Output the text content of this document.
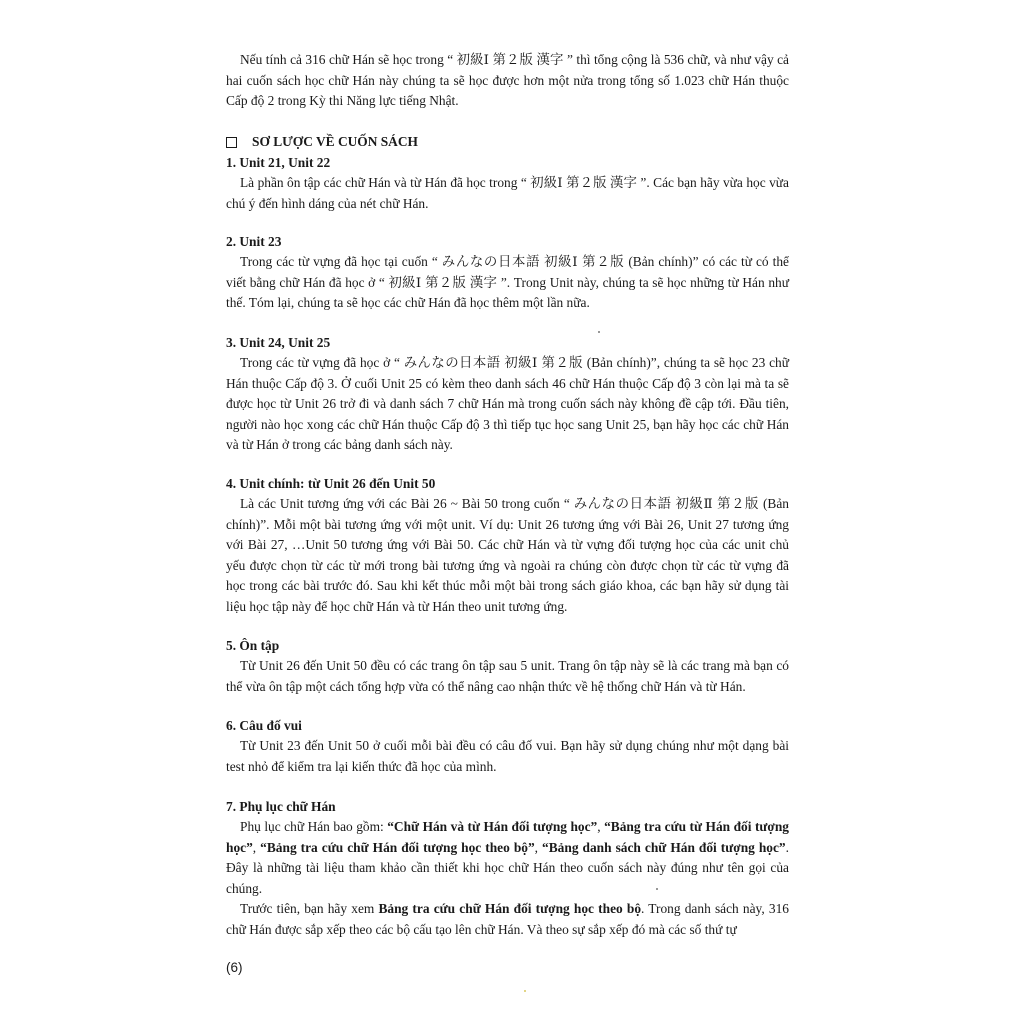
Nếu tính cả 316 chữ Hán sẽ học trong “ 初級Ⅰ 第２版 漢字 ” thì tổng cộng là 536 chữ, và như vậy cả hai cuốn sách học chữ Hán này chúng ta sẽ học được hơn một nửa trong tổng số 1.023 chữ Hán thuộc Cấp độ 2 trong Kỳ thi Năng lực tiếng Nhật.
SƠ LƯỢC VỀ CUỐN SÁCH
1. Unit 21, Unit 22
Là phần ôn tập các chữ Hán và từ Hán đã học trong “ 初級Ⅰ 第２版 漢字 ”. Các bạn hãy vừa học vừa chú ý đến hình dáng của nét chữ Hán.
2. Unit 23
Trong các từ vựng đã học tại cuốn “ みんなの日本語 初級Ⅰ 第２版 (Bản chính)” có các từ có thể viết bằng chữ Hán đã học ở “ 初級Ⅰ 第２版 漢字 ”. Trong Unit này, chúng ta sẽ học những từ Hán như thế. Tóm lại, chúng ta sẽ học các chữ Hán đã học thêm một lần nữa.
3. Unit 24, Unit 25
Trong các từ vựng đã học ở “ みんなの日本語 初級Ⅰ 第２版 (Bản chính)”, chúng ta sẽ học 23 chữ Hán thuộc Cấp độ 3. Ở cuối Unit 25 có kèm theo danh sách 46 chữ Hán thuộc Cấp độ 3 còn lại mà ta sẽ được học từ Unit 26 trở đi và danh sách 7 chữ Hán mà trong cuốn sách này không đề cập tới. Đầu tiên, người nào học xong các chữ Hán thuộc Cấp độ 3 thì tiếp tục học sang Unit 25, bạn hãy học các chữ Hán và từ Hán ở trong các bảng danh sách này.
4. Unit chính: từ Unit 26 đến Unit 50
Là các Unit tương ứng với các Bài 26 ~ Bài 50 trong cuốn “ みんなの日本語 初級Ⅱ 第２版 (Bản chính)”. Mỗi một bài tương ứng với một unit. Ví dụ: Unit 26 tương ứng với Bài 26, Unit 27 tương ứng với Bài 27, …Unit 50 tương ứng với Bài 50. Các chữ Hán và từ vựng đối tượng học của các unit chủ yếu được chọn từ các từ mới trong bài tương ứng và ngoài ra chúng còn được chọn từ các từ vựng đã học trong các bài trước đó. Sau khi kết thúc mỗi một bài trong sách giáo khoa, các bạn hãy sử dụng tài liệu học tập này để học chữ Hán và từ Hán theo unit tương ứng.
5. Ôn tập
Từ Unit 26 đến Unit 50 đều có các trang ôn tập sau 5 unit. Trang ôn tập này sẽ là các trang mà bạn có thể vừa ôn tập một cách tổng hợp vừa có thể nâng cao nhận thức về hệ thống chữ Hán và từ Hán.
6. Câu đố vui
Từ Unit 23 đến Unit 50 ở cuối mỗi bài đều có câu đố vui. Bạn hãy sử dụng chúng như một dạng bài test nhỏ để kiểm tra lại kiến thức đã học của mình.
7. Phụ lục chữ Hán
Phụ lục chữ Hán bao gồm: “Chữ Hán và từ Hán đối tượng học”, “Bảng tra cứu từ Hán đối tượng học”, “Bảng tra cứu chữ Hán đối tượng học theo bộ”, “Bảng danh sách chữ Hán đối tượng học”. Đây là những tài liệu tham khảo cần thiết khi học chữ Hán theo cuốn sách này đúng như tên gọi của chúng.
Trước tiên, bạn hãy xem Bảng tra cứu chữ Hán đối tượng học theo bộ. Trong danh sách này, 316 chữ Hán được sắp xếp theo các bộ cấu tạo lên chữ Hán. Và theo sự sắp xếp đó mà các số thứ tự
(6)
